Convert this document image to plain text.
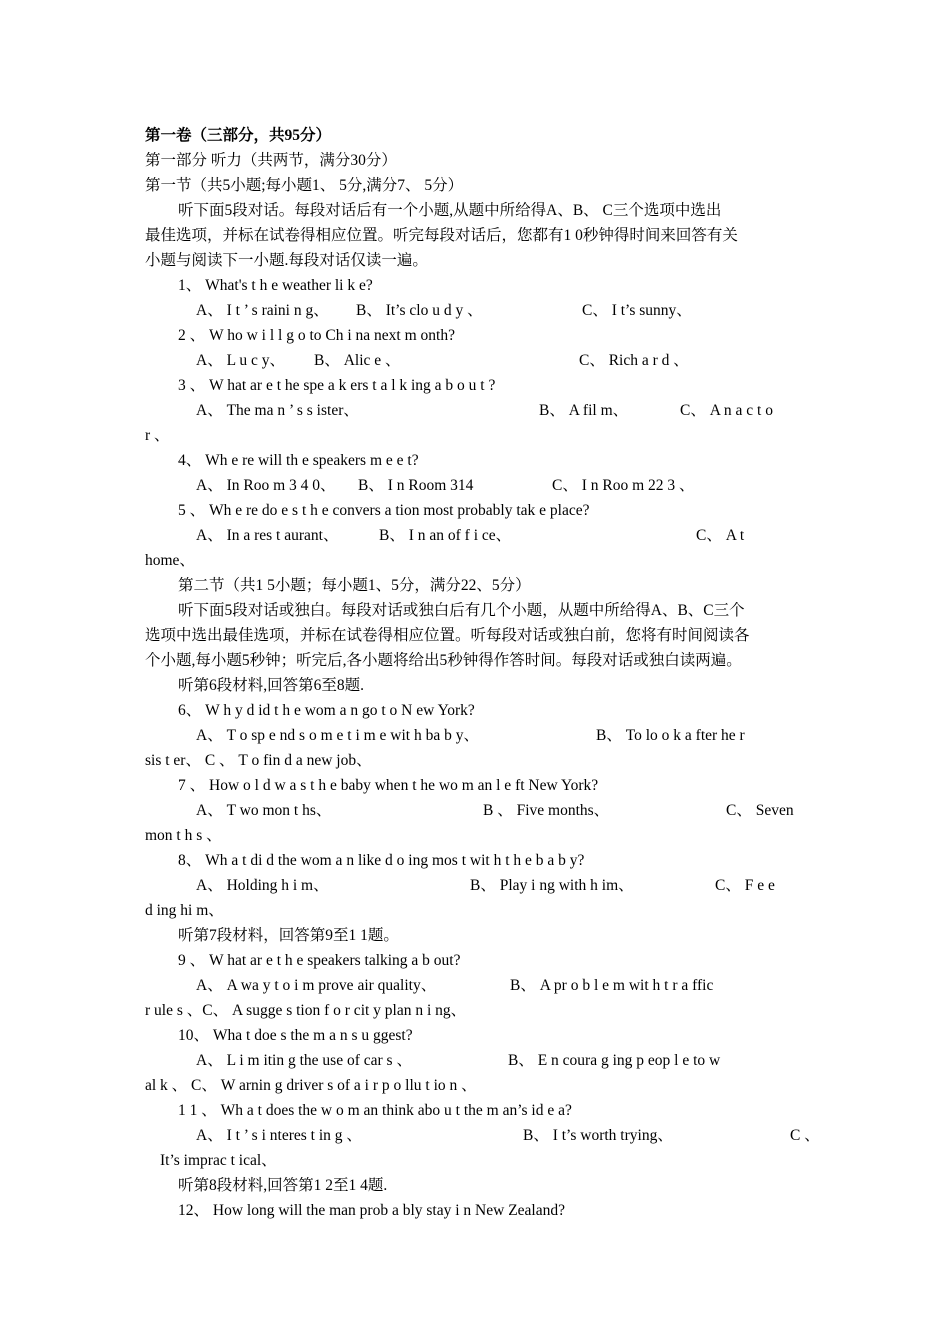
第一卷（三部分，共95分）
第一部分 听力（共两节，满分30分）
第一节（共5小题;每小题1、 5分,满分7、 5分）
听下面5段对话。每段对话后有一个小题,从题中所给得A、B、 C三个选项中选出
最佳选项，并标在试卷得相应位置。听完每段对话后，您都有1 0秒钟得时间来回答有关
小题与阅读下一小题.每段对话仅读一遍。
1、 What's t h e weather li k e?
A、 I t ’ s raini n g、 B、 It’s clo u d y 、	C、 I t’s sunny、
2 、 W ho w i l l g o to Ch i na next m onth?
A、 L u c y、 B、 Alic e 、	C、 Rich a r d 、
3 、 W hat ar e t he spe a k ers t a l k ing a b o u t ?
A、 The ma n ’ s s ister、	B、 A fil m、	C、 A n a c t o
r 、
4、 Wh e re will th e speakers m e e t?
A、 In Roo m 3 4 0、 B、 I n Room 314	C、 I n Roo m 22 3 、
5 、 Wh e re do e s t h e convers a tion most probably tak e place?
A、 In a res t aurant、	B、 I n an of f i ce、	C、 A t
home、
第二节（共1 5小题；每小题1、5分，满分22、5分）
听下面5段对话或独白。每段对话或独白后有几个小题，从题中所给得A、B、C三个
选项中选出最佳选项，并标在试卷得相应位置。听每段对话或独白前，您将有时间阅读各
个小题,每小题5秒钟；听完后,各小题将给出5秒钟得作答时间。每段对话或独白读两遍。
听第6段材料,回答第6至8题.
6、 W h y d id t h e wom a n go t o N ew York?
A、 T o sp e nd s o m e t i m e wit h ba b y、	B、 To lo o k a fter he r
sis t er、 C 、 T o fin d a new job、
7 、 How o l d w a s t h e baby when t he wo m an l e ft New York?
A、 T wo mon t hs、	B 、 Five months、	C、 Seven
mon t h s 、
8、 Wh a t di d the wom a n like d o ing mos t wit h t h e b a b y?
A、 Holding h i m、	B、 Play i ng with h im、	C、 F e e
d ing hi m、
听第7段材料，回答第9至1 1题。
9 、 W hat ar e t h e speakers talking a b out?
A、 A wa y t o i m prove air quality、	B、 A pr o b l e m wit h t r a ffic
r ule s 、C、 A sugge s tion f o r cit y plan n i ng、
10、 Wha t doe s the m a n s u ggest?
A、 L i m itin g the use of car s 、	B、 E n coura g ing p eop l e to w
al k 、 C、 W arnin g driver s of a i r p o llu t io n 、
1 1 、 Wh a t does the w o m an think abo u t the m an’s id e a?
A、 I t ’ s i nteres t in g 、	B、 I t’s worth trying、	C 、
It’s imprac t ical、
听第8段材料,回答第1 2至1 4题.
12、 How long will the man prob a bly stay i n New Zealand?
